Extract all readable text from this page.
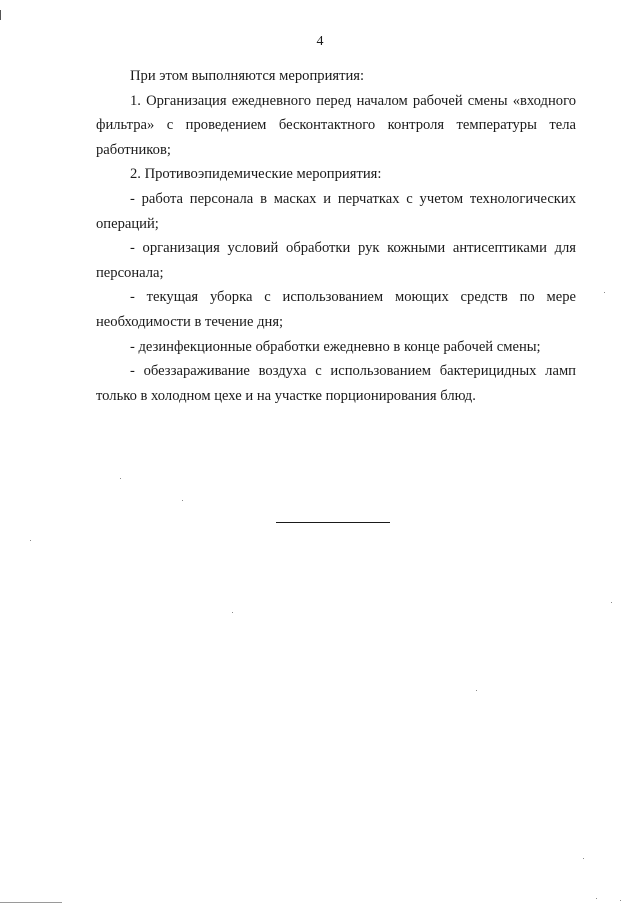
4

При этом выполняются мероприятия:

1. Организация ежедневного перед началом рабочей смены «входного фильтра» с проведением бесконтактного контроля температуры тела работников;

2. Противоэпидемические мероприятия:

- работа персонала в масках и перчатках с учетом технологических операций;

- организация условий обработки рук кожными антисептиками для персонала;

- текущая уборка с использованием моющих средств по мере необходимости в течение дня;

- дезинфекционные обработки ежедневно в конце рабочей смены;

- обеззараживание воздуха с использованием бактерицидных ламп только в холодном цехе и на участке порционирования блюд.
